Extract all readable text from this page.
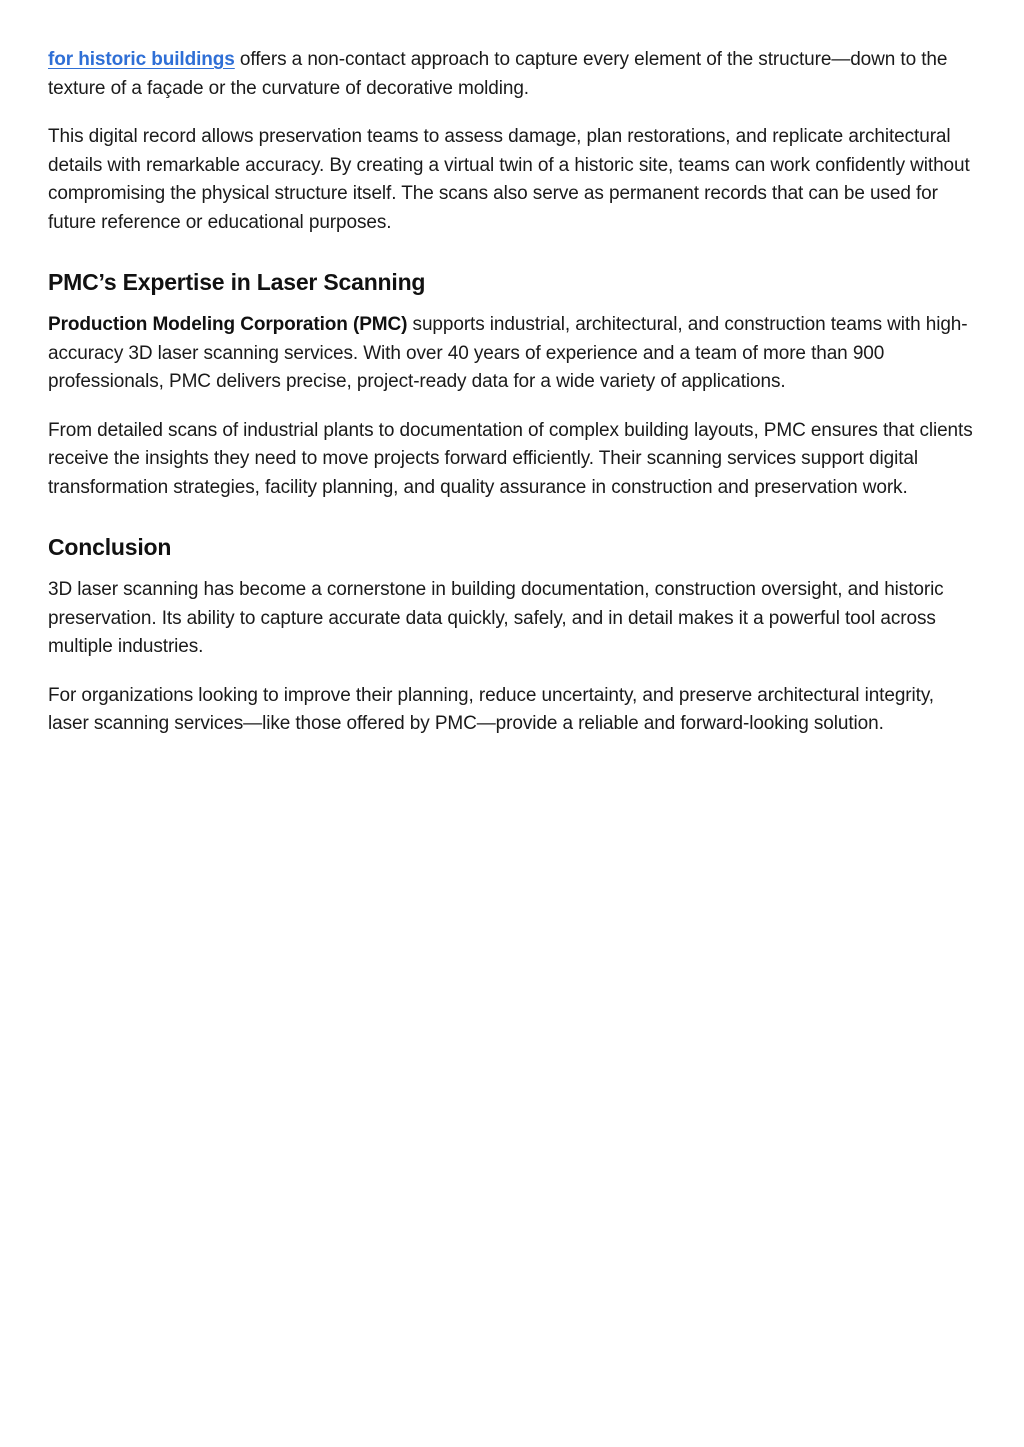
for historic buildings offers a non-contact approach to capture every element of the structure—down to the texture of a façade or the curvature of decorative molding.

This digital record allows preservation teams to assess damage, plan restorations, and replicate architectural details with remarkable accuracy. By creating a virtual twin of a historic site, teams can work confidently without compromising the physical structure itself. The scans also serve as permanent records that can be used for future reference or educational purposes.

PMC’s Expertise in Laser Scanning

Production Modeling Corporation (PMC) supports industrial, architectural, and construction teams with high-accuracy 3D laser scanning services. With over 40 years of experience and a team of more than 900 professionals, PMC delivers precise, project-ready data for a wide variety of applications.

From detailed scans of industrial plants to documentation of complex building layouts, PMC ensures that clients receive the insights they need to move projects forward efficiently. Their scanning services support digital transformation strategies, facility planning, and quality assurance in construction and preservation work.

Conclusion

3D laser scanning has become a cornerstone in building documentation, construction oversight, and historic preservation. Its ability to capture accurate data quickly, safely, and in detail makes it a powerful tool across multiple industries.

For organizations looking to improve their planning, reduce uncertainty, and preserve architectural integrity, laser scanning services—like those offered by PMC—provide a reliable and forward-looking solution.
